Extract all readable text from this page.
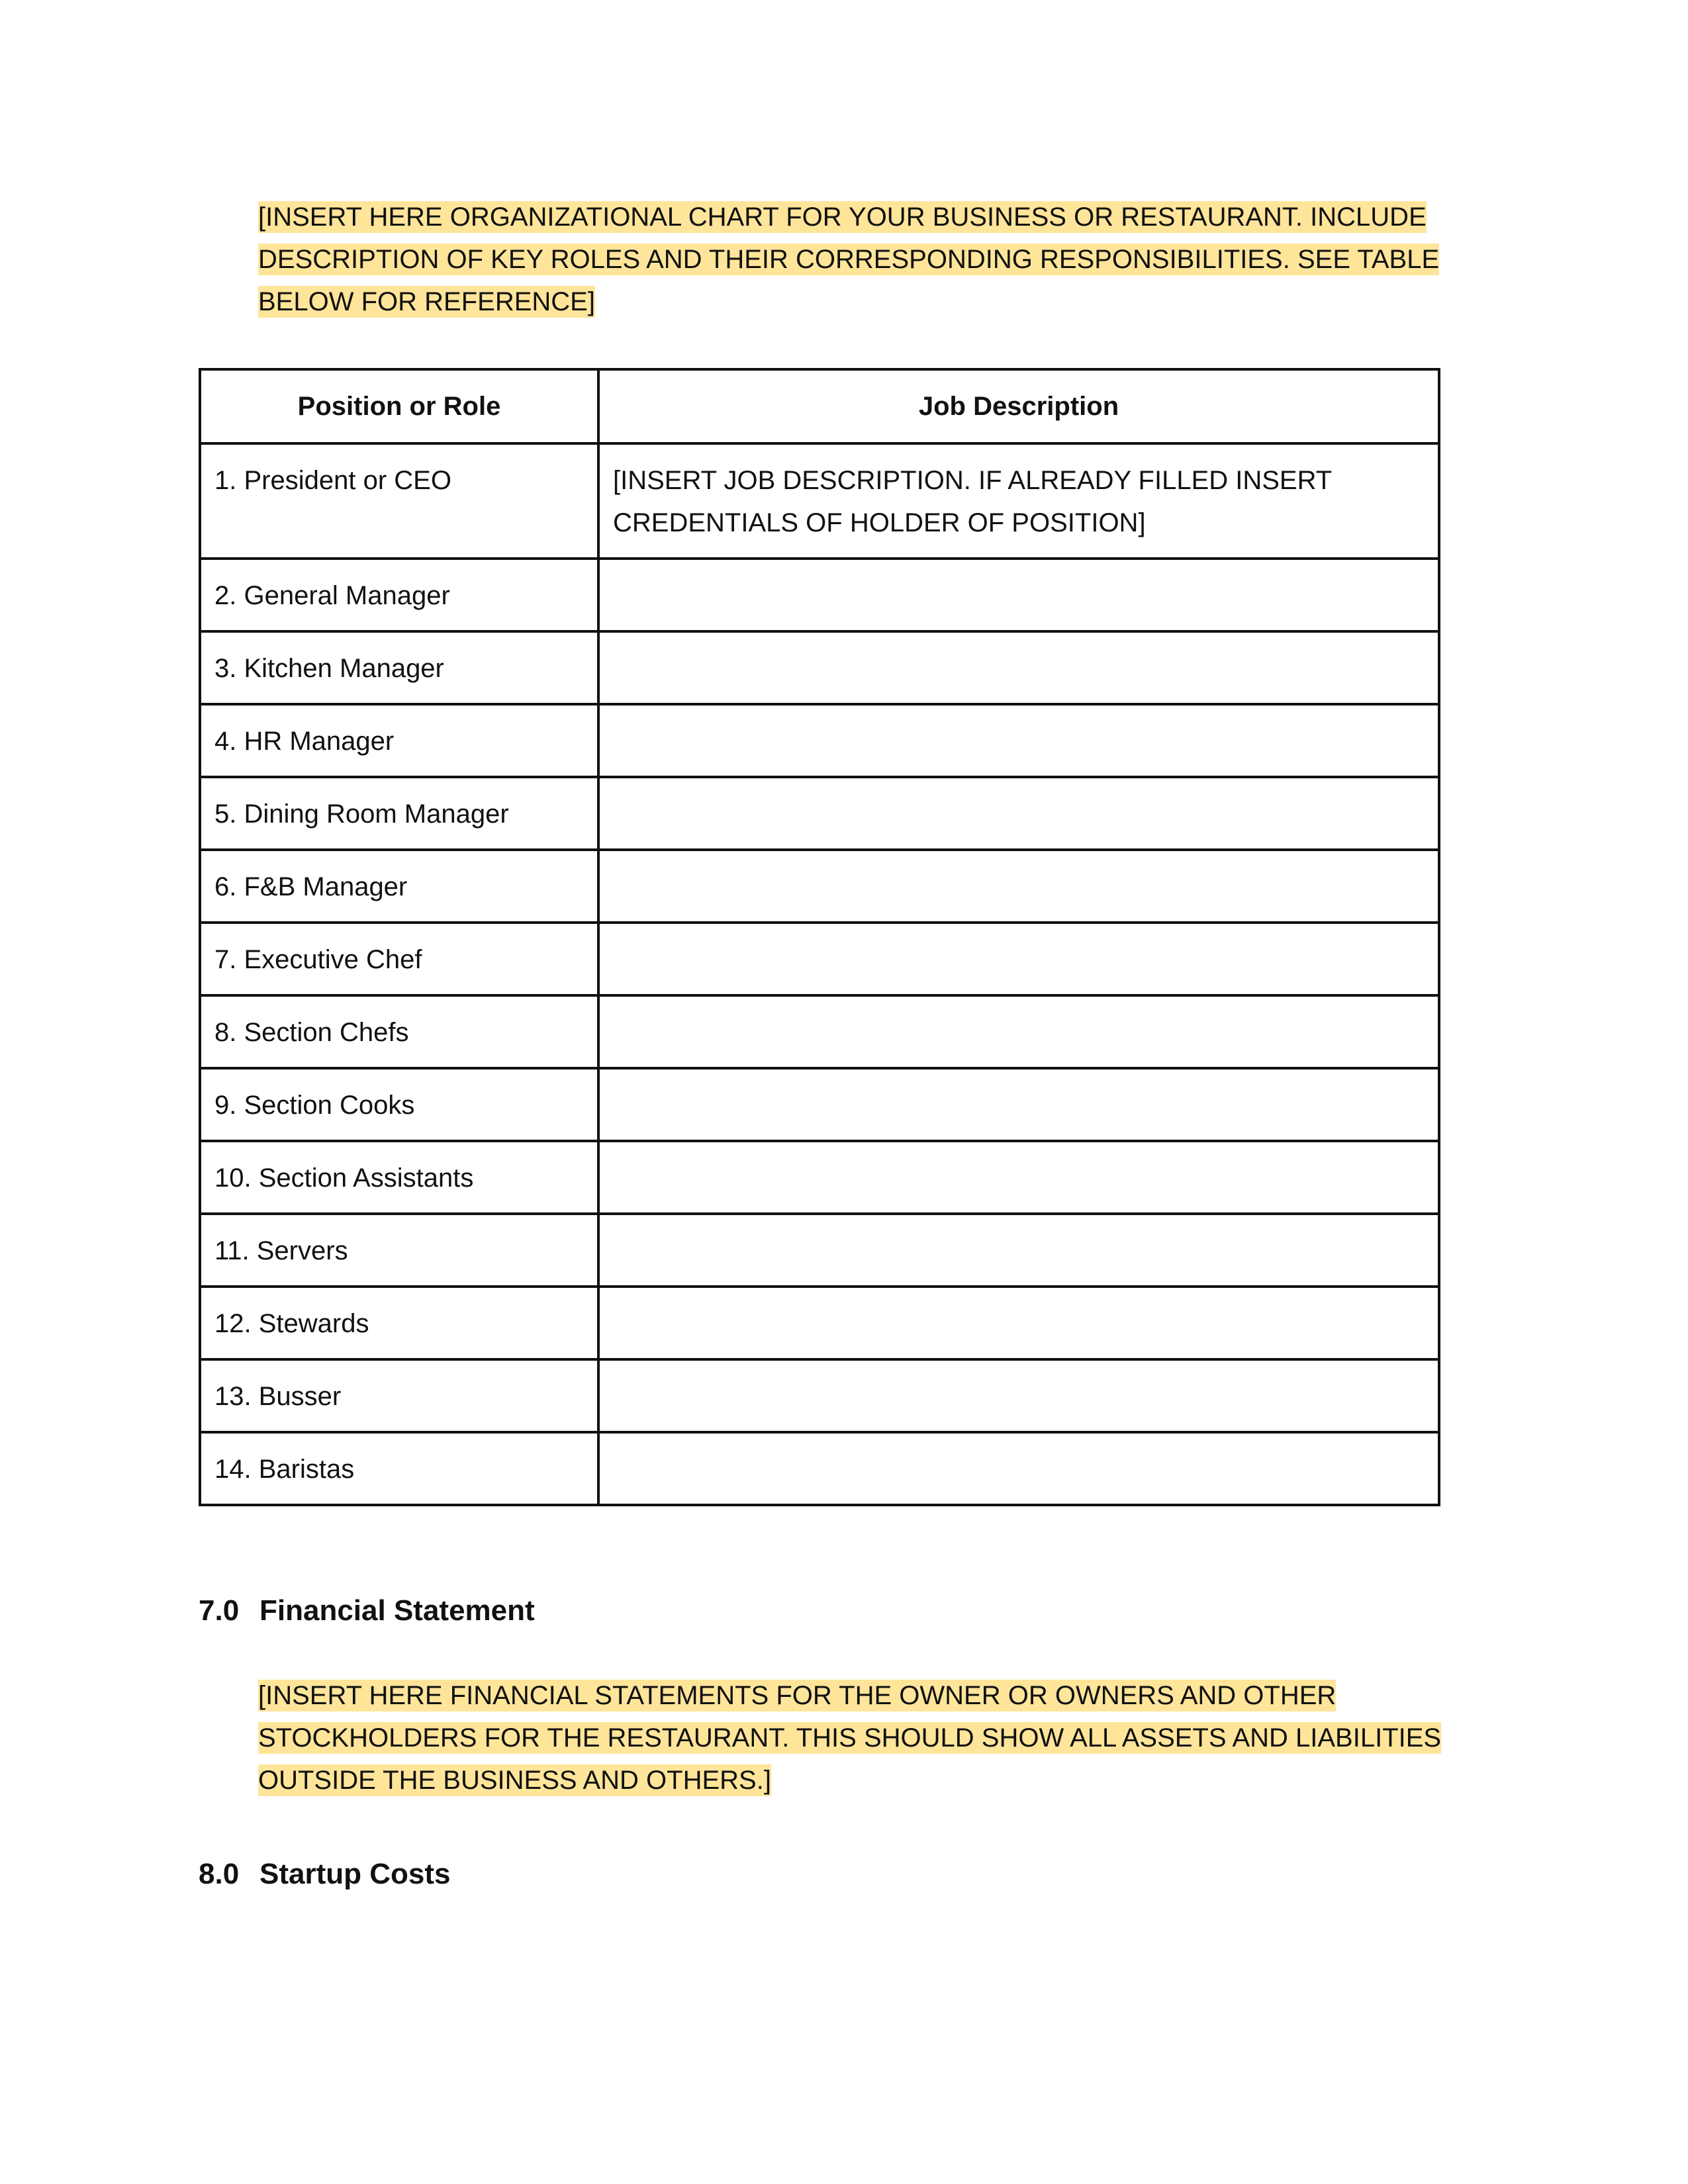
[INSERT HERE ORGANIZATIONAL CHART FOR YOUR BUSINESS OR RESTAURANT. INCLUDE DESCRIPTION OF KEY ROLES AND THEIR CORRESPONDING RESPONSIBILITIES. SEE TABLE BELOW FOR REFERENCE]

Position or Role	Job Description
1. President or CEO	[INSERT JOB DESCRIPTION. IF ALREADY FILLED INSERT CREDENTIALS OF HOLDER OF POSITION]
2. General Manager	
3. Kitchen Manager	
4. HR Manager	
5. Dining Room Manager	
6. F&B Manager	
7. Executive Chef	
8. Section Chefs	
9. Section Cooks	
10. Section Assistants	
11. Servers	
12. Stewards	
13. Busser	
14. Baristas	
7.0 Financial Statement

[INSERT HERE FINANCIAL STATEMENTS FOR THE OWNER OR OWNERS AND OTHER STOCKHOLDERS FOR THE RESTAURANT. THIS SHOULD SHOW ALL ASSETS AND LIABILITIES OUTSIDE THE BUSINESS AND OTHERS.]

8.0 Startup Costs
